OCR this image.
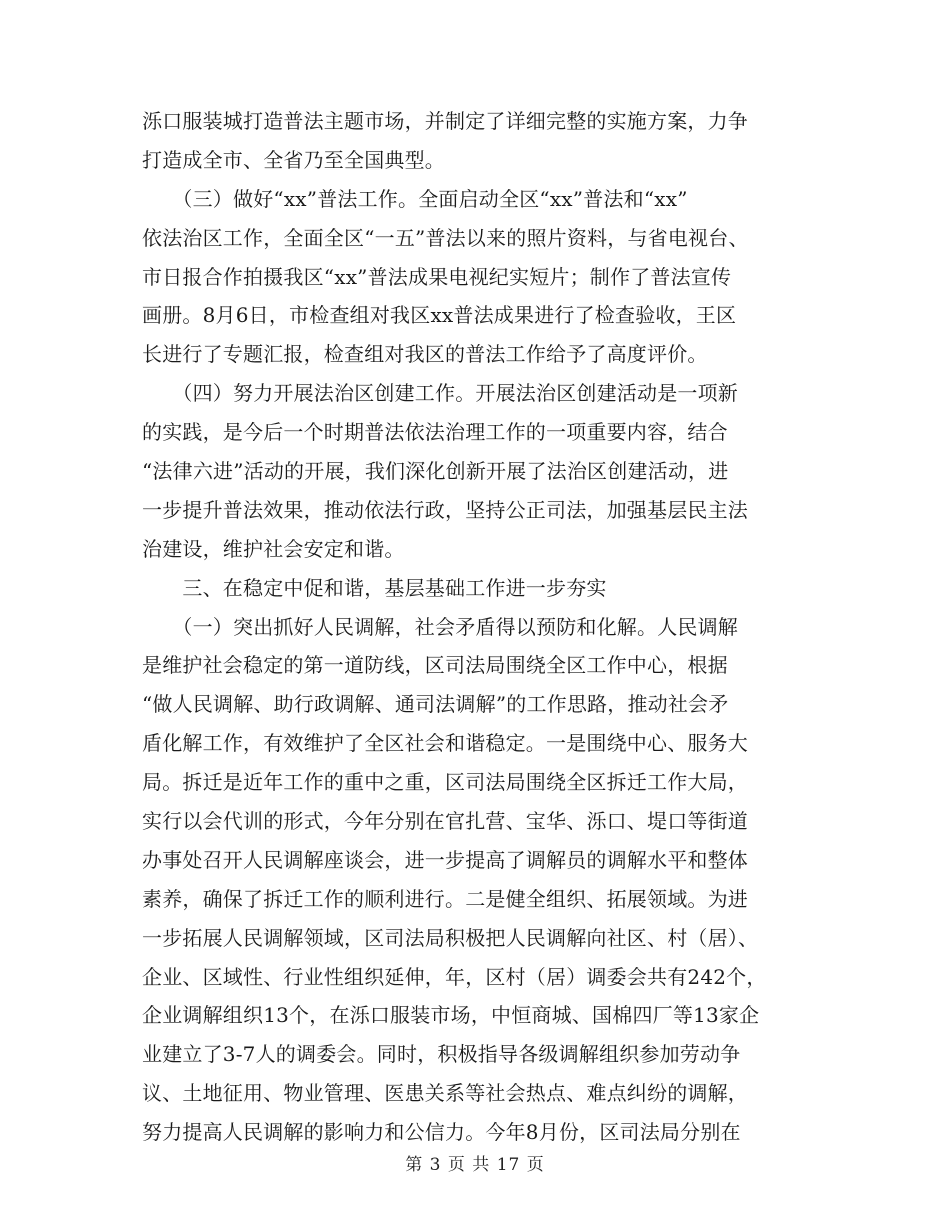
泺口服装城打造普法主题市场，并制定了详细完整的实施方案，力争
打造成全市、全省乃至全国典型。
　　（三）做好“xx”普法工作。全面启动全区“xx”普法和“xx”
依法治区工作，全面全区“一五”普法以来的照片资料，与省电视台、
市日报合作拍摄我区“xx”普法成果电视纪实短片；制作了普法宣传
画册。8月6日，市检查组对我区xx普法成果进行了检查验收，王区
长进行了专题汇报，检查组对我区的普法工作给予了高度评价。
　　（四）努力开展法治区创建工作。开展法治区创建活动是一项新
的实践，是今后一个时期普法依法治理工作的一项重要内容，结合
“法律六进”活动的开展，我们深化创新开展了法治区创建活动，进
一步提升普法效果，推动依法行政，坚持公正司法，加强基层民主法
治建设，维护社会安定和谐。
　　三、在稳定中促和谐，基层基础工作进一步夯实
　　（一）突出抓好人民调解，社会矛盾得以预防和化解。人民调解
是维护社会稳定的第一道防线，区司法局围绕全区工作中心，根据
“做人民调解、助行政调解、通司法调解”的工作思路，推动社会矛
盾化解工作，有效维护了全区社会和谐稳定。一是围绕中心、服务大
局。拆迁是近年工作的重中之重，区司法局围绕全区拆迁工作大局，
实行以会代训的形式，今年分别在官扎营、宝华、泺口、堤口等街道
办事处召开人民调解座谈会，进一步提高了调解员的调解水平和整体
素养，确保了拆迁工作的顺利进行。二是健全组织、拓展领域。为进
一步拓展人民调解领域，区司法局积极把人民调解向社区、村（居）、
企业、区域性、行业性组织延伸，年，区村（居）调委会共有242个，
企业调解组织13个，在泺口服装市场，中恒商城、国棉四厂等13家企
业建立了3-7人的调委会。同时，积极指导各级调解组织参加劳动争
议、土地征用、物业管理、医患关系等社会热点、难点纠纷的调解，
努力提高人民调解的影响力和公信力。今年8月份，区司法局分别在
第 3 页 共 17 页
